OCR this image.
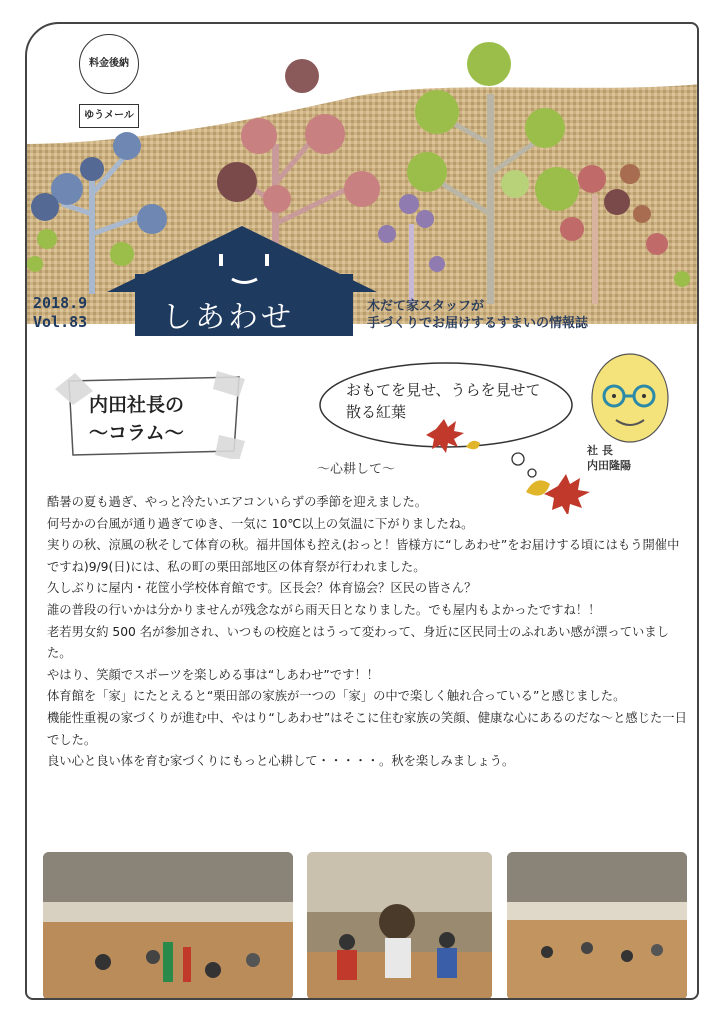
料金後納
ゆうメール
2018.9
Vol.83 しあわせ	木だて家スタッフが
手づくりでお届けするすまいの情報誌
内田社長の
～コラム～
おもてを見せ、うらを見せて
散る紅葉
社 長
内田隆陽
～心耕して～

酷暑の夏も過ぎ、やっと冷たいエアコンいらずの季節を迎えました。

何号かの台風が通り過ぎてゆき、一気に 10℃以上の気温に下がりましたね。

実りの秋、涼風の秋そして体育の秋。福井国体も控え(おっと！皆様方に“しあわせ”をお届けする頃にはもう開催中ですね)9/9(日)には、私の町の栗田部地区の体育祭が行われました。

久しぶりに屋内・花筐小学校体育館です。区長会？体育協会？区民の皆さん？

誰の普段の行いかは分かりませんが残念ながら雨天日となりました。でも屋内もよかったですね！！

老若男女約 500 名が参加され、いつもの校庭とはうって変わって、身近に区民同士のふれあい感が漂っていました。

やはり、笑顔でスポーツを楽しめる事は“しあわせ”です！！

体育館を「家」にたとえると“栗田部の家族が一つの「家」の中で楽しく触れ合っている”と感じました。

機能性重視の家づくりが進む中、やはり“しあわせ”はそこに住む家族の笑顔、健康な心にあるのだな～と感じた一日でした。

良い心と良い体を育む家づくりにもっと心耕して・・・・・。秋を楽しみましょう。
